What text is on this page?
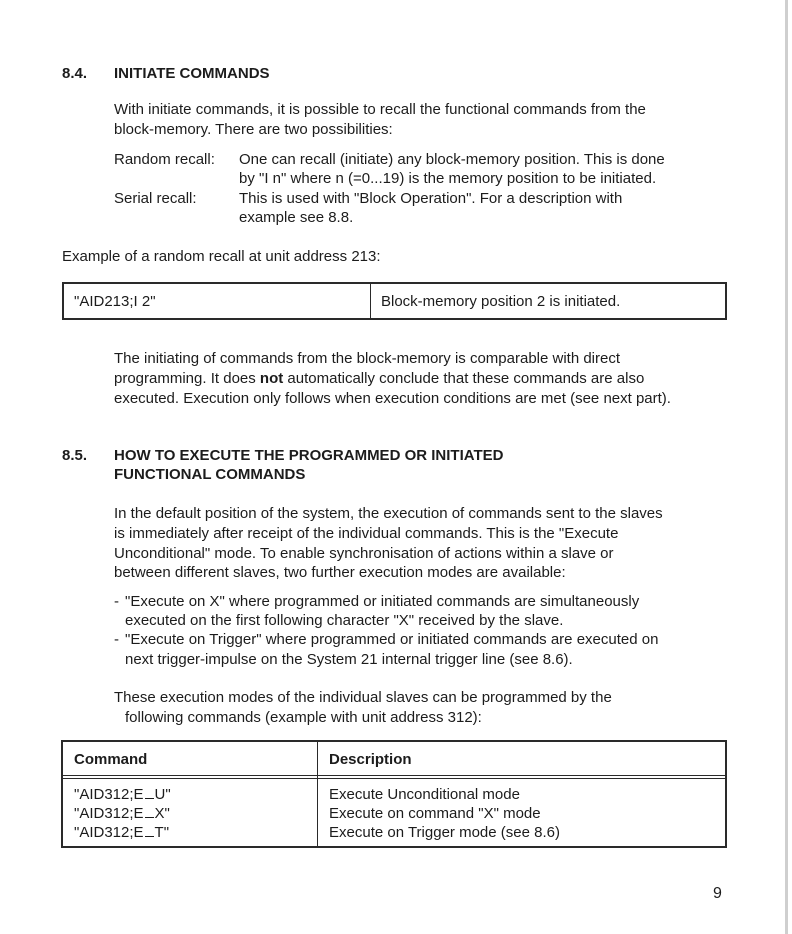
8.4. INITIATE COMMANDS
With initiate commands, it is possible to recall the functional commands from the
block-memory. There are two possibilities:
Random recall: One can recall (initiate) any block-memory position. This is done
by "I n" where n (=0...19) is the memory position to be initiated.
Serial recall:	This is used with "Block Operation". For a description with
example see 8.8.
Example of a random recall at unit address 213:
"AID213;I 2"	Block-memory position 2 is initiated.
The initiating of commands from the block-memory is comparable with direct
programming. It does not automatically conclude that these commands are also
executed. Execution only follows when execution conditions are met (see next part).
8.5. HOW TO EXECUTE THE PROGRAMMED OR INITIATED
FUNCTIONAL COMMANDS
In the default position of the system, the execution of commands sent to the slaves
is immediately after receipt of the individual commands. This is the "Execute
Unconditional" mode. To enable synchronisation of actions within a slave or
between different slaves, two further execution modes are available:
- "Execute on X" where programmed or initiated commands are simultaneously
executed on the first following character "X" received by the slave.
- "Execute on Trigger" where programmed or initiated commands are executed on
next trigger-impulse on the System 21 internal trigger line (see 8.6).
These execution modes of the individual slaves can be programmed by the
following commands (example with unit address 312):
Command	Description
"AID312;E U"	Execute Unconditional mode
"AID312;E X"	Execute on command "X" mode
"AID312;E T"	Execute on Trigger mode (see 8.6)
9
